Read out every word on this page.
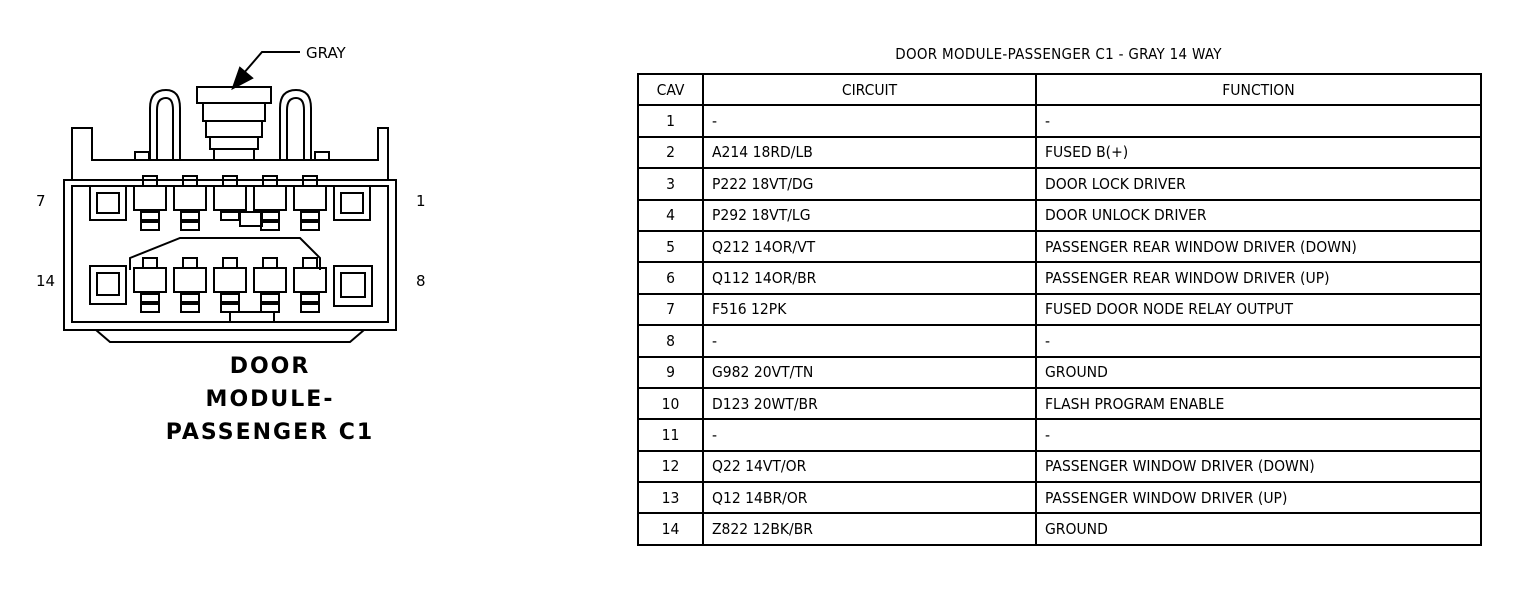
GRAY
7	1
14	8
DOOR
MODULE-
PASSENGER C1
DOOR MODULE-PASSENGER C1 - GRAY 14 WAY
CAV	CIRCUIT	FUNCTION
1	-	-
2	A214 18RD/LB	FUSED B(+)
3	P222 18VT/DG	DOOR LOCK DRIVER
4	P292 18VT/LG	DOOR UNLOCK DRIVER
5	Q212 14OR/VT	PASSENGER REAR WINDOW DRIVER (DOWN)
6	Q112 14OR/BR	PASSENGER REAR WINDOW DRIVER (UP)
7	F516 12PK	FUSED DOOR NODE RELAY OUTPUT
8	-	-
9	G982 20VT/TN	GROUND
10	D123 20WT/BR	FLASH PROGRAM ENABLE
11	-	-
12	Q22 14VT/OR	PASSENGER WINDOW DRIVER (DOWN)
13	Q12 14BR/OR	PASSENGER WINDOW DRIVER (UP)
14	Z822 12BK/BR	GROUND
